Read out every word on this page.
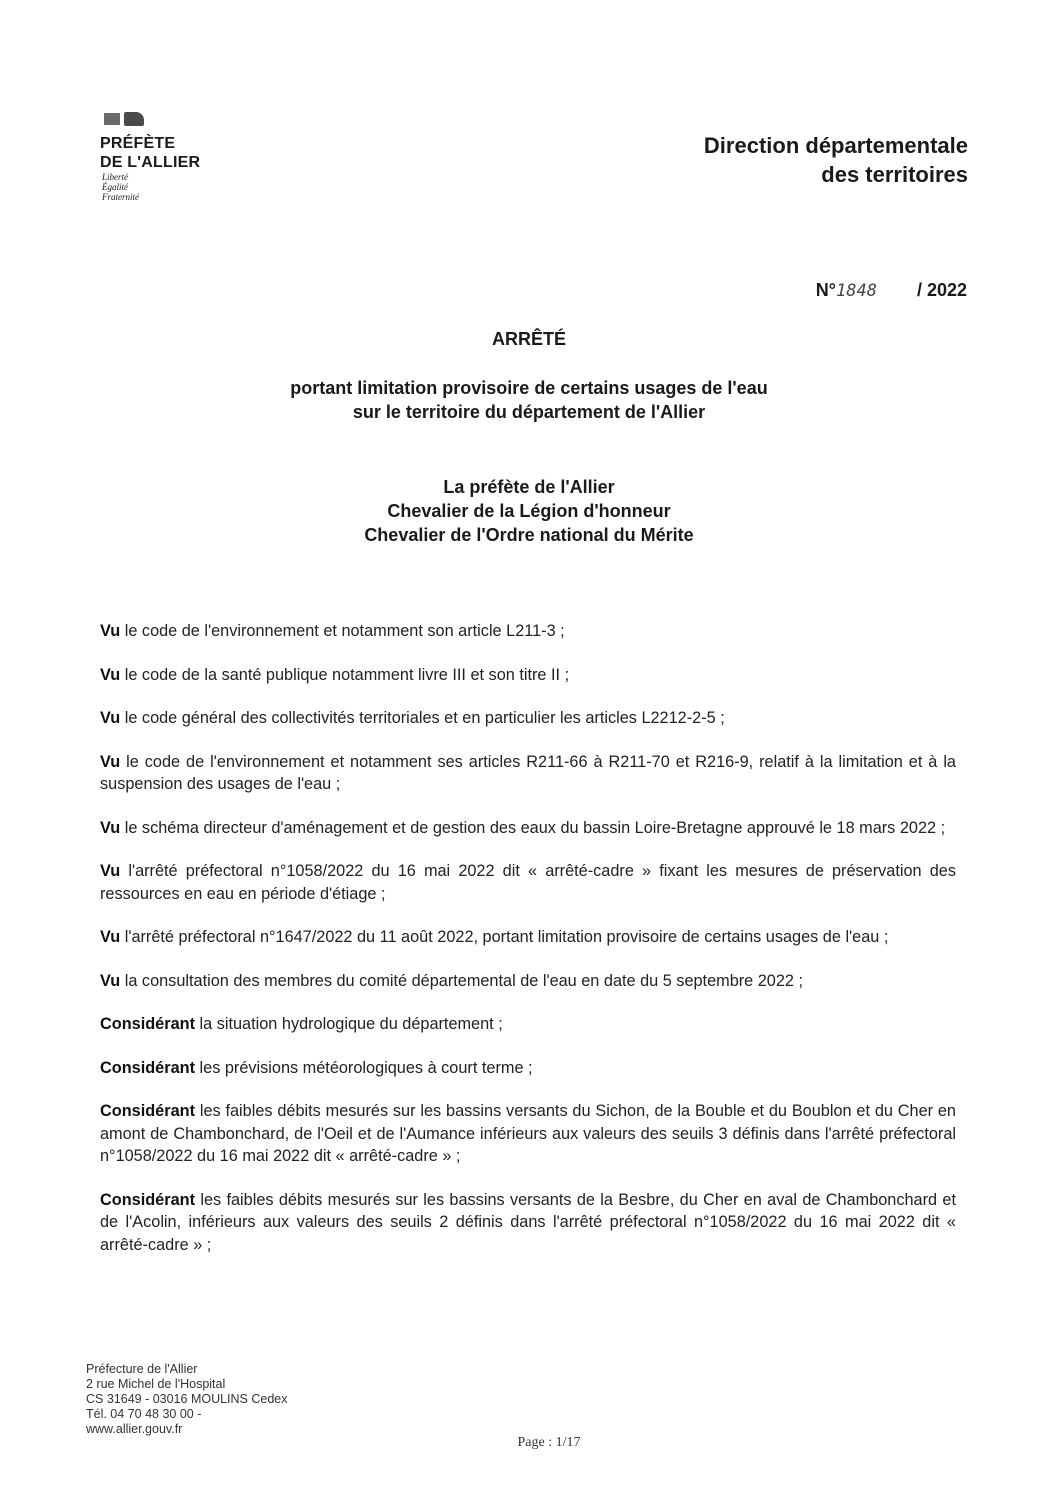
PRÉFÈTE
DE L'ALLIER
Liberté
Égalité
Fraternité
Direction départementale
des territoires
N°1848 / 2022
ARRÊTÉ
portant limitation provisoire de certains usages de l'eau
sur le territoire du département de l'Allier
La préfète de l'Allier
Chevalier de la Légion d'honneur
Chevalier de l'Ordre national du Mérite

Vu le code de l'environnement et notamment son article L211-3 ;

Vu le code de la santé publique notamment livre III et son titre II ;

Vu le code général des collectivités territoriales et en particulier les articles L2212-2-5 ;

Vu le code de l'environnement et notamment ses articles R211-66 à R211-70 et R216-9, relatif à la limitation et à la suspension des usages de l'eau ;

Vu le schéma directeur d'aménagement et de gestion des eaux du bassin Loire-Bretagne approuvé le 18 mars 2022 ;

Vu l'arrêté préfectoral n°1058/2022 du 16 mai 2022 dit « arrêté-cadre » fixant les mesures de préservation des ressources en eau en période d'étiage ;

Vu l'arrêté préfectoral n°1647/2022 du 11 août 2022, portant limitation provisoire de certains usages de l'eau ;

Vu la consultation des membres du comité départemental de l'eau en date du 5 septembre 2022 ;

Considérant la situation hydrologique du département ;

Considérant les prévisions météorologiques à court terme ;

Considérant les faibles débits mesurés sur les bassins versants du Sichon, de la Bouble et du Boublon et du Cher en amont de Chambonchard, de l'Oeil et de l'Aumance inférieurs aux valeurs des seuils 3 définis dans l'arrêté préfectoral n°1058/2022 du 16 mai 2022 dit « arrêté-cadre » ;

Considérant les faibles débits mesurés sur les bassins versants de la Besbre, du Cher en aval de Chambonchard et de l'Acolin, inférieurs aux valeurs des seuils 2 définis dans l'arrêté préfectoral n°1058/2022 du 16 mai 2022 dit « arrêté-cadre » ;

Préfecture de l'Allier
2 rue Michel de l'Hospital
CS 31649 - 03016 MOULINS Cedex
Tél. 04 70 48 30 00 -
www.allier.gouv.fr
Page : 1/17
